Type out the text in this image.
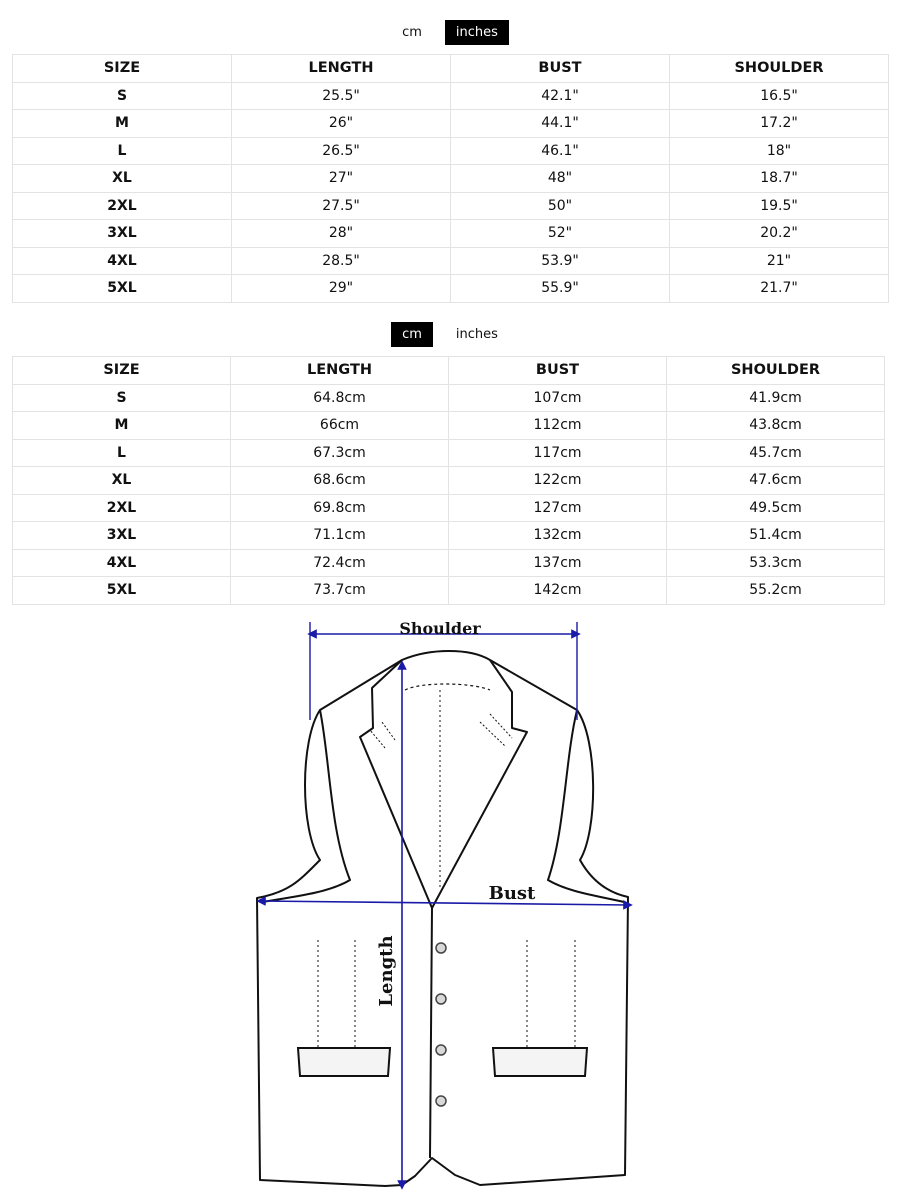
cm	inches
SIZE	LENGTH	BUST	SHOULDER
S	25.5"	42.1"	16.5"
M	26"	44.1"	17.2"
L	26.5"	46.1"	18"
XL	27"	48"	18.7"
2XL	27.5"	50"	19.5"
3XL	28"	52"	20.2"
4XL	28.5"	53.9"	21"
5XL	29"	55.9"	21.7"
cm	inches
SIZE	LENGTH	BUST	SHOULDER
S	64.8cm	107cm	41.9cm
M	66cm	112cm	43.8cm
L	67.3cm	117cm	45.7cm
XL	68.6cm	122cm	47.6cm
2XL	69.8cm	127cm	49.5cm
3XL	71.1cm	132cm	51.4cm
4XL	72.4cm	137cm	53.3cm
5XL	73.7cm	142cm	55.2cm
Shoulder
Bust
Length
